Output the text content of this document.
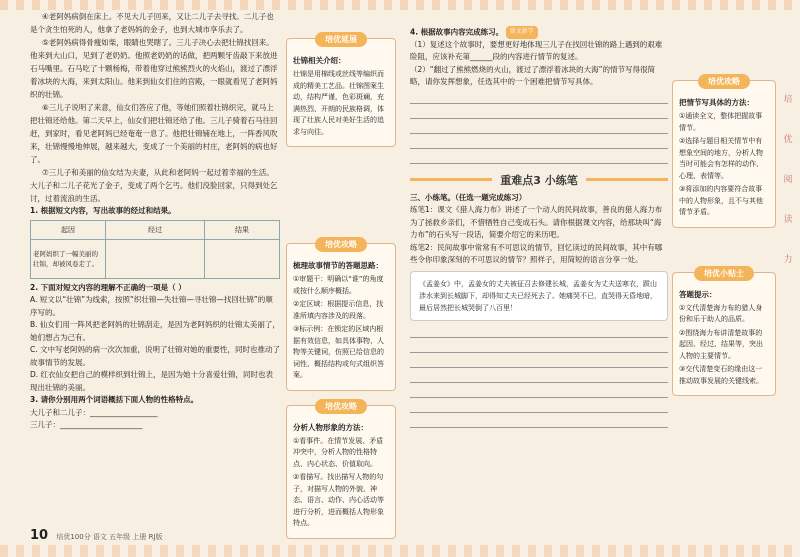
④老阿妈病倒在床上。不见大儿子回来，又让二儿子去寻找。二儿子也是个贪生怕死的人，他拿了老妈妈的金子，也到大城市享乐去了。

⑤老阿妈病得骨瘦如柴，眼睛也哭瞎了。三儿子决心去把壮锦找回来。他来到大山口，见到了老奶奶。他照老奶奶的话做，把两颗牙齿敲下来放进石马嘴里。石马吃了十颗杨梅，带着他穿过熊熊烈火的火焰山，渡过了漂浮着冰块的大海，来到太阳山。他来到仙女们住的宫殿，一眼就看见了老阿妈织的壮锦。

⑥三儿子说明了来意，仙女们答应了他，等她们照着壮锦织完，就马上把壮锦还给他。第二天早上，仙女们把壮锦还给了他。三儿子骑着石马往回赶，到家时，看见老阿妈已经奄奄一息了。他把壮锦铺在地上，一阵香风吹来，壮锦慢慢地伸展，越来越大，变成了一个美丽的村庄，老阿妈的病也好了。

⑦三儿子和美丽的仙女结为夫妻，从此和老阿妈一起过着幸福的生活。大儿子和二儿子花光了金子，变成了两个乞丐。他们没脸回家，只得到处乞讨，过着流浪的生活。

1. 根据短文内容，写出故事的经过和结果。

起因	经过	结果
老阿妈织了一幅美丽的壮锦，却被风卷走了。		

2. 下面对短文内容的理解不正确的一项是（ ）

A. 短文以“壮锦”为线索，按照“织壮锦—失壮锦—寻壮锦—找回壮锦”的顺序写的。

B. 仙女们用一阵风把老阿妈的壮锦刮走，是因为老阿妈织的壮锦太美丽了，她们想占为己有。

C. 文中写老阿妈的病一次次加重，说明了壮锦对她的重要性，同时也推动了故事情节的发展。

D. 红衣仙女把自己的模样织到壮锦上，是因为她十分喜爱壮锦，同时也表现出壮锦的美丽。

3. 请你分别用两个词语概括下面人物的性格特点。

大儿子和二儿子：__________________

三儿子：______________________

培优延展

壮锦相关介绍：

壮锦是用棉线或丝线等编织而成的精美工艺品。壮锦图案生动，结构严谨，色彩斑斓，充满热烈、开朗的民族格调，体现了壮族人民对美好生活的追求与向往。

培优攻略

梳理故事情节的答题思路：

①审题干：明确以“谁”的角度或按什么顺序概括。

②定区域：根据提示信息，找准所填内容涉及的段落。

③标示例：在锁定的区域内根据有效信息，如具体事物、人物等关键词，仿照已给信息的词性、概括结构或句式组织答案。

培优攻略

分析人物形象的方法：

①看事件。在情节发展、矛盾冲突中，分析人物的性格特点、内心状态、价值取向。

②看描写。找出描写人物的句子，对描写人物的外貌、神态、语言、动作、内心活动等进行分析，进而概括人物形象特点。

4. 根据故事内容完成练习。 新文新学

（1）复述这个故事时，要想更好地体现三儿子在找回壮锦的路上遇到的艰难险阻，应该补充第______段的内容进行情节的复述。

（2）“翻过了熊熊燃烧的火山，渡过了漂浮着冰块的大海”的情节写得很简略，请你发挥想象，任选其中的一个困难把情节写具体。

重难点3 小练笔

三、小练笔。（任选一题完成练习）

练笔1：课文《猎人海力布》讲述了一个动人的民间故事，善良的猎人海力布为了拯救乡亲们，不惜牺牲自己变成石头。请你根据课文内容，给那块叫“海力布”的石头写一段话，简要介绍它的来历吧。

练笔2：民间故事中常常有不可思议的情节，回忆读过的民间故事，其中有哪些令你印象深刻的不可思议的情节？照样子，用简短的语言分享一处。

《孟姜女》中，孟姜女的丈夫被征召去修建长城，孟姜女为丈夫送寒衣，跋山涉水来到长城脚下，却得知丈夫已经死去了。她痛哭不已，直哭得天昏地暗，最后居然把长城哭倒了八百里！
培优攻略

把情节写具体的方法：

①通读全文，整体把握故事情节。

②选择与题目相关情节中有想象空间的地方，分析人物当时可能会有怎样的动作、心理、表情等。

③将添加的内容要符合故事中的人物形象，且不与其他情节矛盾。

培优小贴士

答题提示：

①文代清楚海力布的猎人身份和乐于助人的品质。

②围绕海力布讲清楚故事的起因、经过、结果等，突出人物的主要情节。

③交代清楚变石的缘由这一推动故事发展的关键线索。

培
优
阅
读
力
10 培优100分 语文 五年级 上册 RJ版
